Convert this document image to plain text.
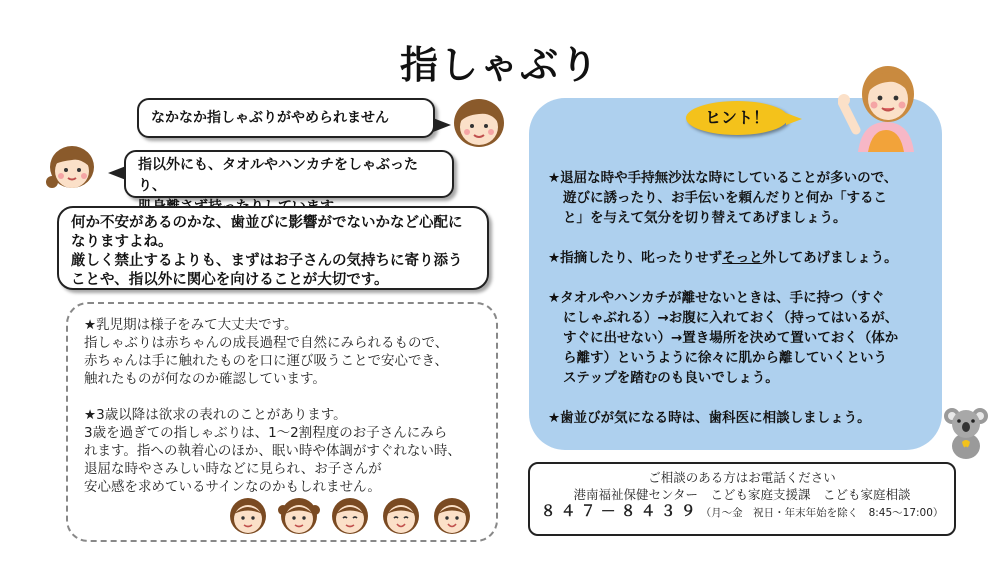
指しゃぶり
なかなか指しゃぶりがやめられません
指以外にも、タオルやハンカチをしゃぶったり、
何か不安があるのかな、歯並びに影響がでないかなど心配に
なりますよね。
厳しく禁止するよりも、まずはお子さんの気持ちに寄り添う
ことや、指以外に関心を向けることが大切です。
★乳児期は様子をみて大丈夫です。
指しゃぶりは赤ちゃんの成長過程で自然にみられるもので、
赤ちゃんは手に触れたものを口に運び吸うことで安心でき、
触れたものが何なのか確認しています。
★3歳以降は欲求の表れのことがあります。
3歳を過ぎての指しゃぶりは、1～2割程度のお子さんにみら
れます。指への執着心のほか、眠い時や体調がすぐれない時、
退屈な時やさみしい時などに見られ、お子さんが
安心感を求めているサインなのかもしれません。
ヒント！
★退屈な時や手持無沙汰な時にしていることが多いので、
遊びに誘ったり、お手伝いを頼んだりと何か「するこ
と」を与えて気分を切り替えてあげましょう。
★指摘したり、叱ったりせずそっと外してあげましょう。
★タオルやハンカチが離せないときは、手に持つ（すぐ
にしゃぶれる）→お腹に入れておく（持ってはいるが、
すぐに出せない）→置き場所を決めて置いておく（体か
ら離す）というように徐々に肌から離していくという
ステップを踏むのも良いでしょう。
★歯並びが気になる時は、歯科医に相談しましょう。
ご相談のある方はお電話ください
港南福祉保健センター　こども家庭支援課　こども家庭相談
８４７－８４３９（月～金　祝日・年末年始を除く　8:45～17:00）
